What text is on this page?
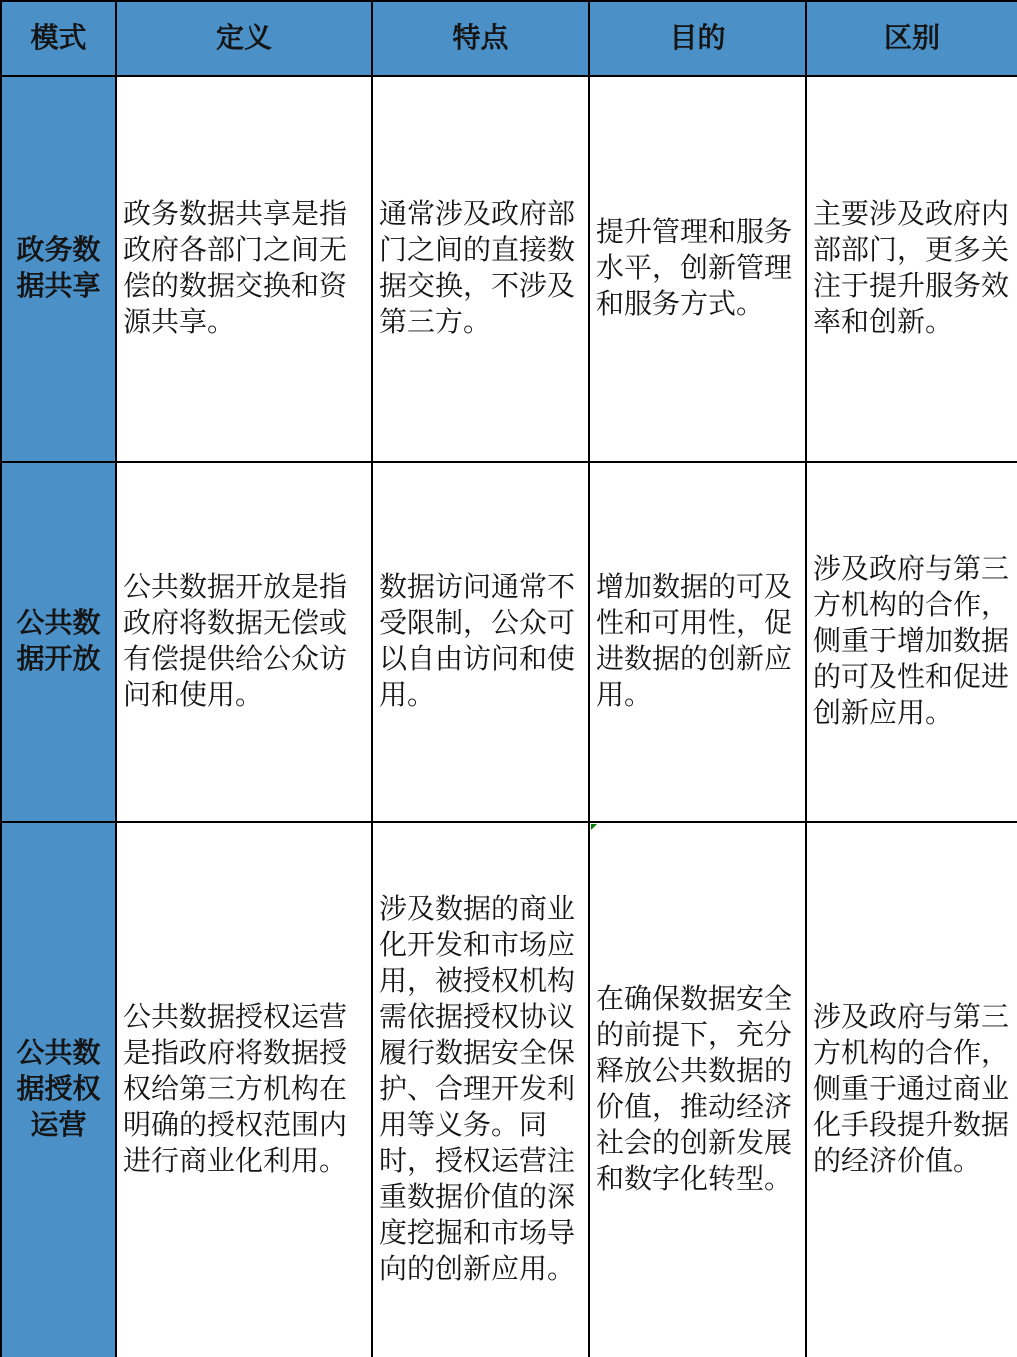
模式	定义	特点	目的	区别
政务数据共享	政务数据共享是指政府各部门之间无偿的数据交换和资源共享。	通常涉及政府部门之间的直接数据交换，不涉及第三方。	提升管理和服务水平，创新管理和服务方式。	主要涉及政府内部部门，更多关注于提升服务效率和创新。
公共数据开放	公共数据开放是指政府将数据无偿或有偿提供给公众访问和使用。	数据访问通常不受限制，公众可以自由访问和使用。	增加数据的可及性和可用性，促进数据的创新应用。	涉及政府与第三方机构的合作，侧重于增加数据的可及性和促进创新应用。
公共数据授权运营	公共数据授权运营是指政府将数据授权给第三方机构在明确的授权范围内进行商业化利用。	涉及数据的商业化开发和市场应用，被授权机构需依据授权协议履行数据安全保护、合理开发利用等义务。同时，授权运营注重数据价值的深度挖掘和市场导向的创新应用。	在确保数据安全的前提下，充分释放公共数据的价值，推动经济社会的创新发展和数字化转型。	涉及政府与第三方机构的合作，侧重于通过商业化手段提升数据的经济价值。
